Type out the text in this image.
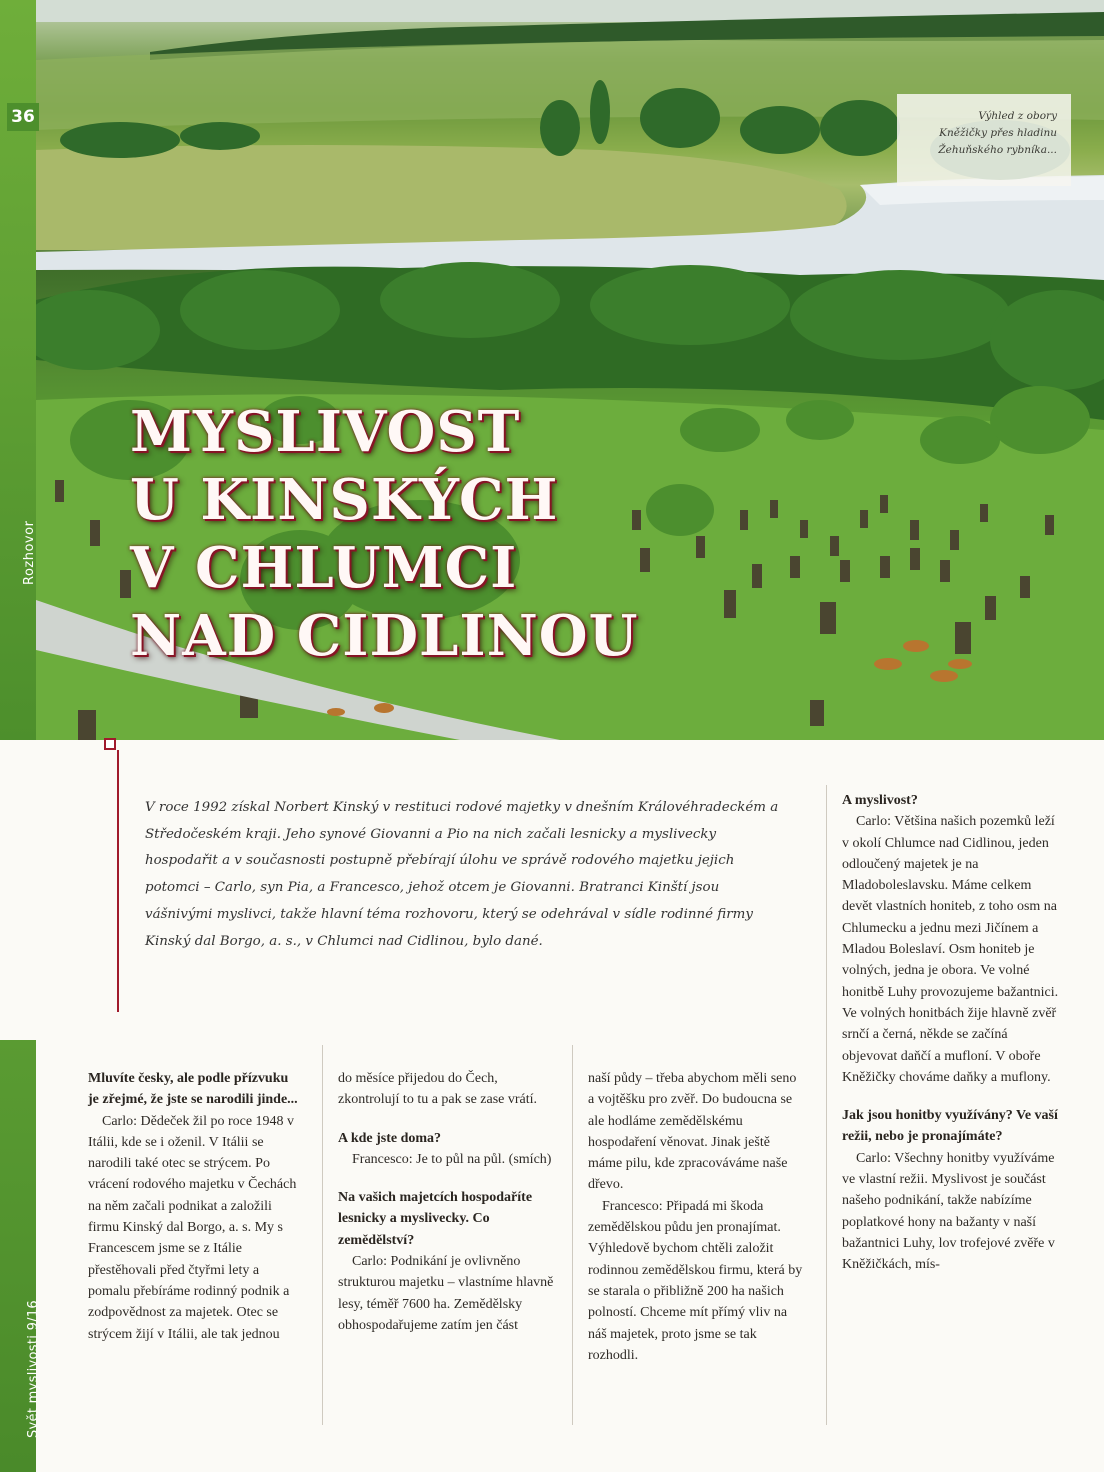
36
Rozhovor
Výhled z obory
Kněžičky přes hladinu
Žehuňského rybníka...
MYSLIVOST
U KINSKÝCH
V CHLUMCI
NAD CIDLINOU

V roce 1992 získal Norbert Kinský v restituci rodové majetky v dnešním Královéhradeckém a Středočeském kraji. Jeho synové Giovanni a Pio na nich začali lesnicky a myslivecky hospodařit a v současnosti postupně přebírají úlohu ve správě rodového majetku jejich potomci – Carlo, syn Pia, a Francesco, jehož otcem je Giovanni. Bratranci Kinští jsou vášnivými myslivci, takže hlavní téma rozhovoru, který se odehrával v sídle rodinné firmy Kinský dal Borgo, a. s., v Chlumci nad Cidlinou, bylo dané.

Svět myslivosti 9/16

Mluvíte česky, ale podle přízvuku je zřejmé, že jste se narodili jinde...

Carlo: Dědeček žil po roce 1948 v Itálii, kde se i oženil. V Itálii se narodili také otec se strýcem. Po vrácení rodového majetku v Čechách na něm začali podnikat a založili firmu Kinský dal Borgo, a. s. My s Francescem jsme se z Itálie přestěhovali před čtyřmi lety a pomalu přebíráme rodinný podnik a zodpovědnost za majetek. Otec se strýcem žijí v Itálii, ale tak jednou

do měsíce přijedou do Čech, zkontrolují to tu a pak se zase vrátí.

A kde jste doma?

Francesco: Je to půl na půl. (smích)

Na vašich majetcích hospodaříte lesnicky a myslivecky. Co zemědělství?

Carlo: Podnikání je ovlivněno strukturou majetku – vlastníme hlavně lesy, téměř 7600 ha. Zemědělsky obhospodařujeme zatím jen část

naší půdy – třeba abychom měli seno a vojtěšku pro zvěř. Do budoucna se ale hodláme zemědělskému hospodaření věnovat. Jinak ještě máme pilu, kde zpracováváme naše dřevo.

Francesco: Připadá mi škoda zemědělskou půdu jen pronajímat. Výhledově bychom chtěli založit rodinnou zemědělskou firmu, která by se starala o přibližně 200 ha našich polností. Chceme mít přímý vliv na náš majetek, proto jsme se tak rozhodli.

A myslivost?

Carlo: Většina našich pozemků leží v okolí Chlumce nad Cidlinou, jeden odloučený majetek je na Mladoboleslavsku. Máme celkem devět vlastních honiteb, z toho osm na Chlumecku a jednu mezi Jičínem a Mladou Boleslaví. Osm honiteb je volných, jedna je obora. Ve volné honitbě Luhy provozujeme bažantnici. Ve volných honitbách žije hlavně zvěř srnčí a černá, někde se začíná objevovat daňčí a mufloní. V oboře Kněžičky chováme daňky a muflony.

Jak jsou honitby využívány? Ve vaší režii, nebo je pronajímáte?

Carlo: Všechny honitby využíváme ve vlastní režii. Myslivost je součást našeho podnikání, takže nabízíme poplatkové hony na bažanty v naší bažantnici Luhy, lov trofejové zvěře v Kněžičkách, mís-
